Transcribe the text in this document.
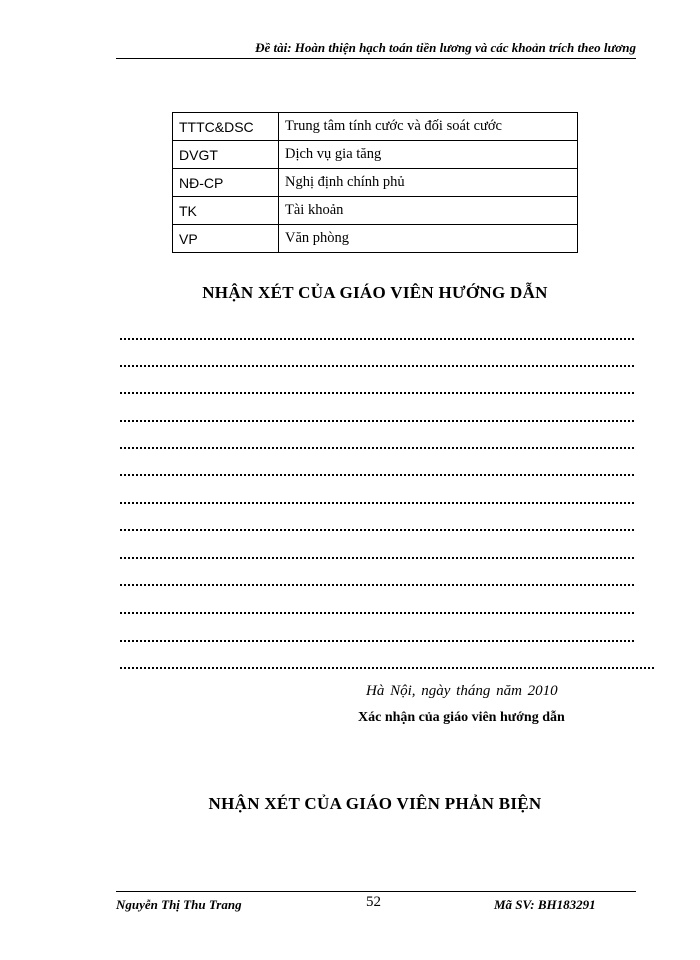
Đề tài: Hoàn thiện hạch toán tiền lương và các khoản trích theo lương
TTTC&DSC	Trung tâm tính cước và đối soát cước
DVGT	Dịch vụ gia tăng
NĐ-CP	Nghị định chính phủ
TK	Tài khoản
VP	Văn phòng
NHẬN XÉT CỦA GIÁO VIÊN HƯỚNG DẪN
Hà Nội, ngày tháng năm 2010
Xác nhận của giáo viên hướng dẫn
NHẬN XÉT CỦA GIÁO VIÊN PHẢN BIỆN
Nguyễn Thị Thu Trang	52	Mã SV: BH183291
